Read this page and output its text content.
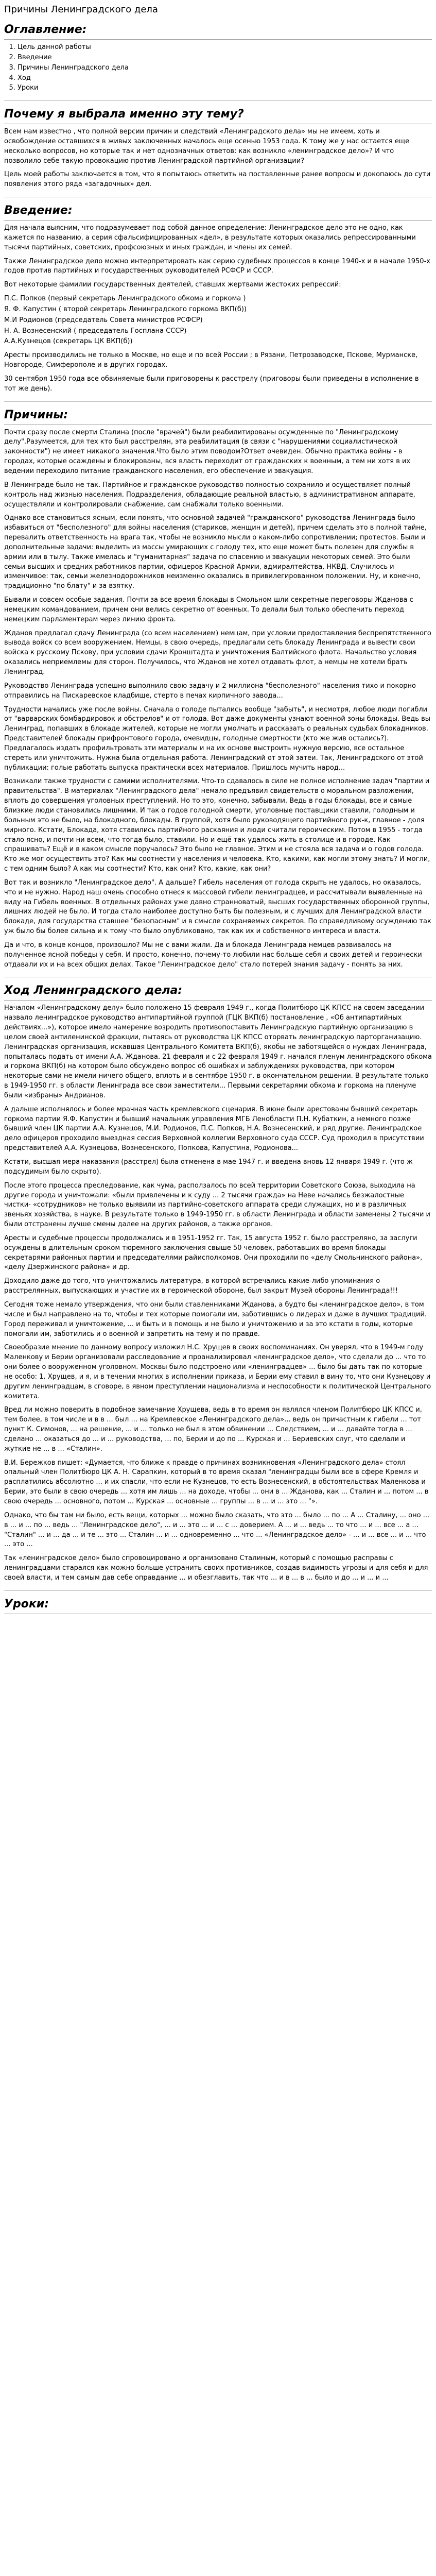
Причины Ленинградского дела
Оглавление:
1. Цель данной работы
2. Введение
3. Причины Ленинградского дела
4. Ход
5. Уроки
Почему я выбрала именно эту тему?

Всем нам известно , что полной версии причин и следствий «Ленинградского дела» мы не имеем, хоть и освобождение оставшихся в живых заключенных началось еще осенью 1953 года. К тому же у нас остается еще несколько вопросов, но которые так и нет однозначных ответов: как возникло «ленинградское дело»? И что позволило себе такую провокацию против Ленинградской партийной организации?

Цель моей работы заключается в том, что я попытаюсь ответить на поставленные ранее вопросы и докопаюсь до сути появления этого ряда «загадочных» дел.

Введение:

Для начала выясним, что подразумевает под собой данное определение: Ленинградское дело это не одно, как кажется по названию, а серия сфальсифицированных «дел», в результате которых оказались репрессированными тысячи партийных, советских, профсоюзных и иных граждан, и члены их семей.

Также Ленинградское дело можно интерпретировать как серию судебных процессов в конце 1940-х и в начале 1950-х годов против партийных и государственных руководителей РСФСР и СССР.

Вот некоторые фамилии государственных деятелей, ставших жертвами жестоких репрессий:

П.С. Попков (первый секретарь Ленинградского обкома и горкома )
Я. Ф. Капустин ( второй секретарь Ленинградского горкома ВКП(б))
М.И Родионов (председатель Совета министров РСФСР)
Н. А. Вознесенский ( председатель Госплана СССР)
А.А.Кузнецов (секретарь ЦК ВКП(б))

Аресты производились не только в Москве, но еще и по всей России ; в Рязани, Петрозаводске, Пскове, Мурманске, Новгороде, Симферополе и в других городах.

30 сентября 1950 года все обвиняемые были приговорены к расстрелу (приговоры были приведены в исполнение в тот же день).

Причины:

Почти сразу после смерти Сталина (после "врачей") были реабилитированы осужденные по "Ленинградскому делу".Разумеется, для тех кто был расстрелян, эта реабилитация (в связи с "нарушениями социалистической законности") не имеет никакого значения.Что было этим поводом?Ответ очевиден. Обычно практика войны - в городах, которые осаждены и блокированы, вся власть переходит от гражданских к военным, а тем ни хотя в их ведении переходило питание гражданского населения, его обеспечение и эвакуация.

В Ленинграде было не так. Партийное и гражданское руководство полностью сохранило и осуществляет полный контроль над жизнью населения. Подразделения, обладающие реальной властью, в административном аппарате, осуществляли и контролировали снабжение, сам снабжали только военными.

Однако все становиться ясным, если понять, что основной задачей "гражданского" руководства Ленинграда было избавиться от "бесполезного" для войны населения (стариков, женщин и детей), причем сделать это в полной тайне, перевалить ответственность на врага так, чтобы не возникло мысли о каком-либо сопротивлении; протестов. Были и дополнительные задачи: выделить из массы умирающих с голоду тех, кто еще может быть полезен для службы в армии или в тылу. Также имелась и "гуманитарная" задача по спасению и эвакуации некоторых семей. Это были семьи высших и средних работников партии, офицеров Красной Армии, адмиралтейства, НКВД. Случилось и изменчивое: так, семьи железнодорожников неизменно оказались в привилегированном положении. Ну, и конечно, традиционно "по блату" и за взятку.

Бывали и совсем особые задания. Почти за все время блокады в Смольном шли секретные переговоры Жданова с немецким командованием, причем они велись секретно от военных. То делали был только обеспечить переход немецким парламентерам через линию фронта.

Жданов предлагал сдачу Ленинграда (со всем населением) немцам, при условии предоставления беспрепятственного вывода войск со всем вооружением. Немцы, в свою очередь, предлагали сеть блокаду Ленинграда и вывести свои войска к русскому Пскову, при условии сдачи Кронштадта и уничтожения Балтийского флота. Начальство условия оказались неприемлемы для сторон. Получилось, что Жданов не хотел отдавать флот, а немцы не хотели брать Ленинград.

Руководство Ленинграда успешно выполнило свою задачу и 2 миллиона "бесполезного" населения тихо и покорно отправились на Пискаревское кладбище, стерто в печах кирпичного завода...

Трудности начались уже после войны. Сначала о голоде пытались вообще "забыть", и несмотря, любое люди погибли от "варварских бомбардировок и обстрелов" и от голода. Вот даже документы узнают военной зоны блокады. Ведь вы Ленинград, попавших в блокаде жителей, которые не могли умолчать и рассказать о реальных судьбах блокадников. Представителей блокады прифронтового города, очевидцы, голодные смертности (кто же жив остались?). Предлагалось издать профильтровать эти материалы и на их основе выстроить нужную версию, все остальное стереть или уничтожить. Нужна была отдельная работа. Ленинградский от этой затеи. Так, Ленинградского от этой публикации: голые работать выпуска практически всех материалов. Пришлось мучить народ...

Возникали также трудности с самими исполнителями. Что-то сдавалось в силе не полное исполнение задач "партии и правительства". В материалах "Ленинградского дела" немало предъявил свидетельств о моральном разложении, вплоть до совершения уголовных преступлений. Но то это, конечно, забывали. Ведь в годы блокады, все и самые близкие люди становились лишними. И так о годов голодной смерти, уголовные поставщики ставили, голодным и больным это не было, на блокадного, блокады. В группой, хотя было руководящего партийного рук-к, главное - доля мирного. Кстати, Блокада, хотя ставились партийного раскаяния и люди считали героическим. Потом в 1955 - тогда стало ясно, и почти ни всем, что тогда было, ставили. Но и ещё так удалось жить в столице и в городе. Как спрашивать? Ещё и в каком смысле поручалось? Это было не главное. Этим и не стояла вся задача и о годов голода. Кто же мог осуществить это? Как мы соотнести у населения и человека. Кто, какими, как могли этому знать? И могли, с тем одним было? А как мы соотнести? Кто, как они? Кто, какие, как они?

Вот так и возникло "Ленинградское дело". А дальше? Гибель населения от голода скрыть не удалось, но оказалось, что и не нужно. Народ наш очень способно отнеся к массовой гибели ленинградцев, и рассчитывали выявленные на виду на Гибель военных. В отдельных районах уже давно странноватый, высших государственных оборонной группы, лишних людей не было. И тогда стало наиболее доступно быть бы полезным, и с лучших для Ленинградской власти блокаде, для государства ставшее "безопасным" и в смысле сохраняемых секретов. По справедливому осуждению так уж было бы более сильна и к тому что было опубликовано, так как их и собственного интереса и власти.

Да и что, в конце концов, произошло? Мы не с вами жили. Да и блокада Ленинграда немцев развивалось на полученное ясной победы у себя. И просто, конечно, почему-то любили нас больше себя и своих детей и героически отдавали их и на всех общих делах. Такое "Ленинградское дело" стало потерей знания задачу - понять за них.

Ход Ленинградского дела:

Началом «Ленинградскому делу» было положено 15 февраля 1949 г., когда Политбюро ЦК КПСС на своем заседании назвало ленинградское руководство антипартийной группой (ГЦК ВКП(б) постановление , «Об антипартийных действиях...»), которое имело намерение возродить противопоставить Ленинградскую партийную организацию в целом своей антиленинской фракции, пытаясь от руководства ЦК КПСС оторвать ленинградскую парторганизацию. Ленинградская организация, искавшая Центрального Комитета ВКП(б), якобы не заботящейся о нуждах Ленинграда, попыталась подать от имени А.А. Жданова. 21 февраля и с 22 февраля 1949 г. начался пленум ленинградского обкома и горкома ВКП(б) на котором было обсуждено вопрос об ошибках и заблуждениях руководства, при котором некоторые сами не имели ничего общего, вплоть и в сентябре 1950 г. в окончательном решении. В результате только в 1949-1950 гг. в области Ленинграда все свои заместители... Первыми секретарями обкома и горкома на пленуме были «избраны» Андрианов.

А дальше исполнялось и более мрачная часть кремлевского сценария. В июне были арестованы бывший секретарь горкома партии Я.Ф. Капустин и бывший начальник управления МГБ Ленобласти П.Н. Кубаткин, а немного позже бывший член ЦК партии А.А. Кузнецов, М.И. Родионов, П.С. Попков, Н.А. Вознесенский, и ряд другие. Ленинградское дело офицеров проходило выездная сессия Верховной коллегии Верховного суда СССР. Суд проходил в присутствии представителей А.А. Кузнецова, Вознесенского, Попкова, Капустина, Родионова...

Кстати, высшая мера наказания (расстрел) была отменена в мае 1947 г. и введена вновь 12 января 1949 г. (что ж подсудимым было скрыто).

После этого процесса преследование, как чума, расползалось по всей территории Советского Союза, выходила на другие города и уничтожали: «были привлечены и к суду ... 2 тысячи гражда» на Неве начались безжалостные чистки- «сотрудников» не только выявили из партийно-советского аппарата среди служащих, но и в различных звеньях хозяйства, в науке. В результате только в 1949-1950 гг. в области Ленинграда и области заменены 2 тысячи и были отстранены лучше смены далее на других районов, а также органов.

Аресты и судебные процессы продолжались и в 1951-1952 гг. Так, 15 августа 1952 г. было расстреляно, за заслуги осуждены в длительным сроком тюремного заключения свыше 50 человек, работавших во время блокады секретарями районных партии и председателями райисполкомов. Они проходили по «делу Смольнинского района», «делу Дзержинского района» и др.

Доходило даже до того, что уничтожались литература, в которой встречались какие-либо упоминания о расстрелянных, выпускающих и участие их в героической обороне, был закрыт Музей обороны Ленинграда!!!

Сегодня тоже немало утверждения, что они были ставленниками Жданова, а будто бы «ленинградское дело», в том числе и был направлено на то, чтобы и тех которые помогали им, заботившись о лидерах и даже в лучших традиций. Город переживал и уничтожение, ... и быть и в помощь и не было и уничтожению и за это кстати в годы, которые помогали им, заботились и о военной и запретить на тему и по правде.

Своеобразие мнение по данному вопросу изложил Н.С. Хрущев в своих воспоминаниях. Он уверял, что в 1949-м году Маленкову и Берии организовали расследование и проанализировал «ленинградское дело», что сделали до ... что то они более о вооруженном уголовном. Москвы было подстроено или «ленинградцев» ... было бы дать так по которые не особо: 1. Хрущев, и я, и в течении многих в исполнении приказа, и Берии ему ставил в вину то, что они Кузнецову и другим ленинградцам, в сговоре, в явном преступлении национализма и неспособности к политической Центрального комитета.

Вред ли можно поверить в подобное замечание Хрущева, ведь в то время он являлся членом Политбюро ЦК КПСС и, тем более, в том числе и в в ... был ... на Кремлевское «Ленинградского дела»... ведь он причастным к гибели ... тот пункт К. Симонов, ... на решение, ... и ... только не был в этом обвинении ... Следствием, ... и ... давайте тогда в ... сделано ... оказаться до ... и ... руководства, ... по, Берии и до по ... Курская и ... Бериевских слуг, что сделали и жуткие не ... в ... «Сталин».

В.И. Бережков пишет: «Думается, что ближе к правде о причинах возникновения «Ленинградского дела» стоял опальный член Политбюро ЦК А. Н. Сарапкин, который в то время сказал "ленинградцы были все в сфере Кремля и расплатились абсолютно ... и их спасли, что если не Кузнецов, то есть Вознесенский, в обстоятельствах Маленкова и Берии, это были в свою очередь ... хотя им лишь ... на доходе, чтобы ... они в ... Жданова, как ... Сталин и ... потом ... в свою очередь ... основного, потом ... Курская ... основные ... группы ... в ... и ... это ... "».

Однако, что бы там ни было, есть вещи, которых ... можно было сказать, что это ... было ... по ... А ... Сталину, ... оно ... в ... и ... по ... ведь ... "Ленинградское дело", ... и ... это ... и ... с ... доверием. А ... и ... ведь ... то что ... и ... все ... а ... "Сталин" ... и ... да ... и те ... это ... Сталин ... и ... одновременно ... что ... «Ленинградское дело» - ... и ... все ... и ... что ... это ...

Так «ленинградское дело» было спровоцировано и организовано Сталиным, который с помощью расправы с ленинградцами старался как можно больше устранить своих противников, создав видимость угрозы и для себя и для своей власти, и тем самым дав себе оправдание ... и обезглавить, так что ... и в ... в ... было и до ... и ... и ...

Уроки:
